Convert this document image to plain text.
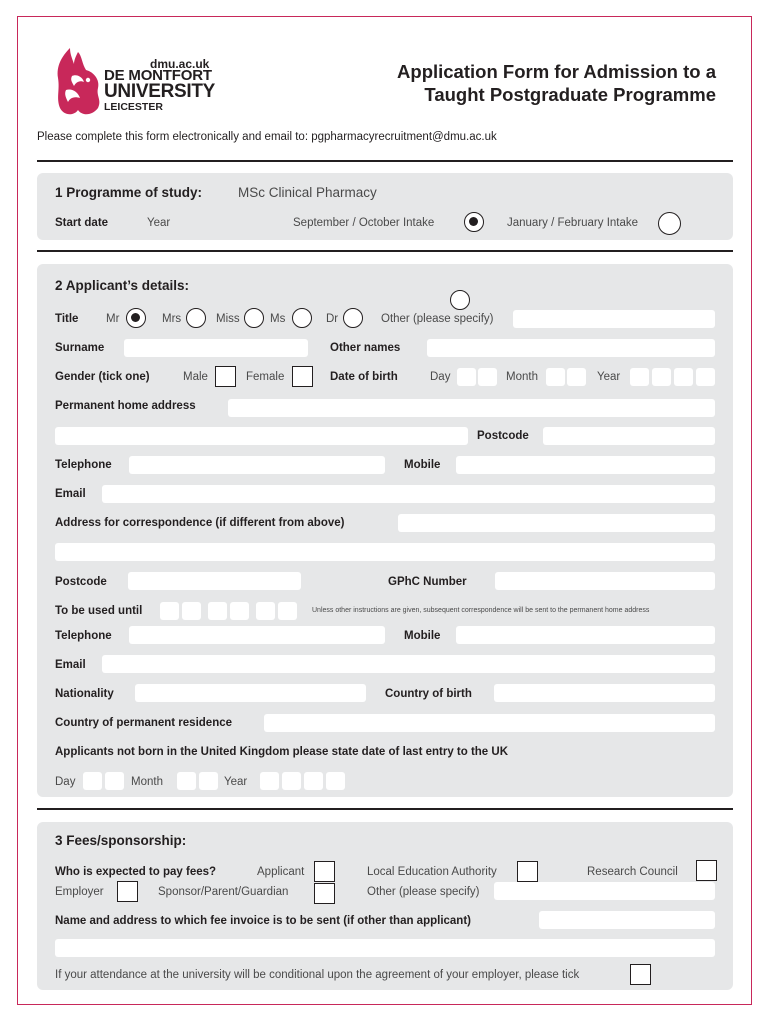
dmu.ac.uk
DE MONTFORT
UNIVERSITY
LEICESTER
Application Form for Admission to a
Taught Postgraduate Programme
Please complete this form electronically and email to: pgpharmacyrecruitment@dmu.ac.uk
1 Programme of study:	MSc Clinical Pharmacy
Start date	Year	September / October Intake	January / February Intake
2 Applicant’s details:
Title Mr	Mrs	Miss	Ms	Dr	Other (please specify)
Surname	Other names
Gender (tick one)	Male	Female	Date of birth	Day	Month	Year
Permanent home address
Postcode
Telephone	Mobile
Email
Address for correspondence (if different from above)
Postcode	GPhC Number
To be used until	Unless other instructions are given, subsequent correspondence will be sent to the permanent home address
Telephone	Mobile
Email
Nationality	Country of birth
Country of permanent residence
Applicants not born in the United Kingdom please state date of last entry to the UK
Day	Month	Year
3 Fees/sponsorship:
Who is expected to pay fees?	Applicant	Local Education Authority	Research Council
Employer	Sponsor/Parent/Guardian	Other (please specify)
Name and address to which fee invoice is to be sent (if other than applicant)
If your attendance at the university will be conditional upon the agreement of your employer, please tick
